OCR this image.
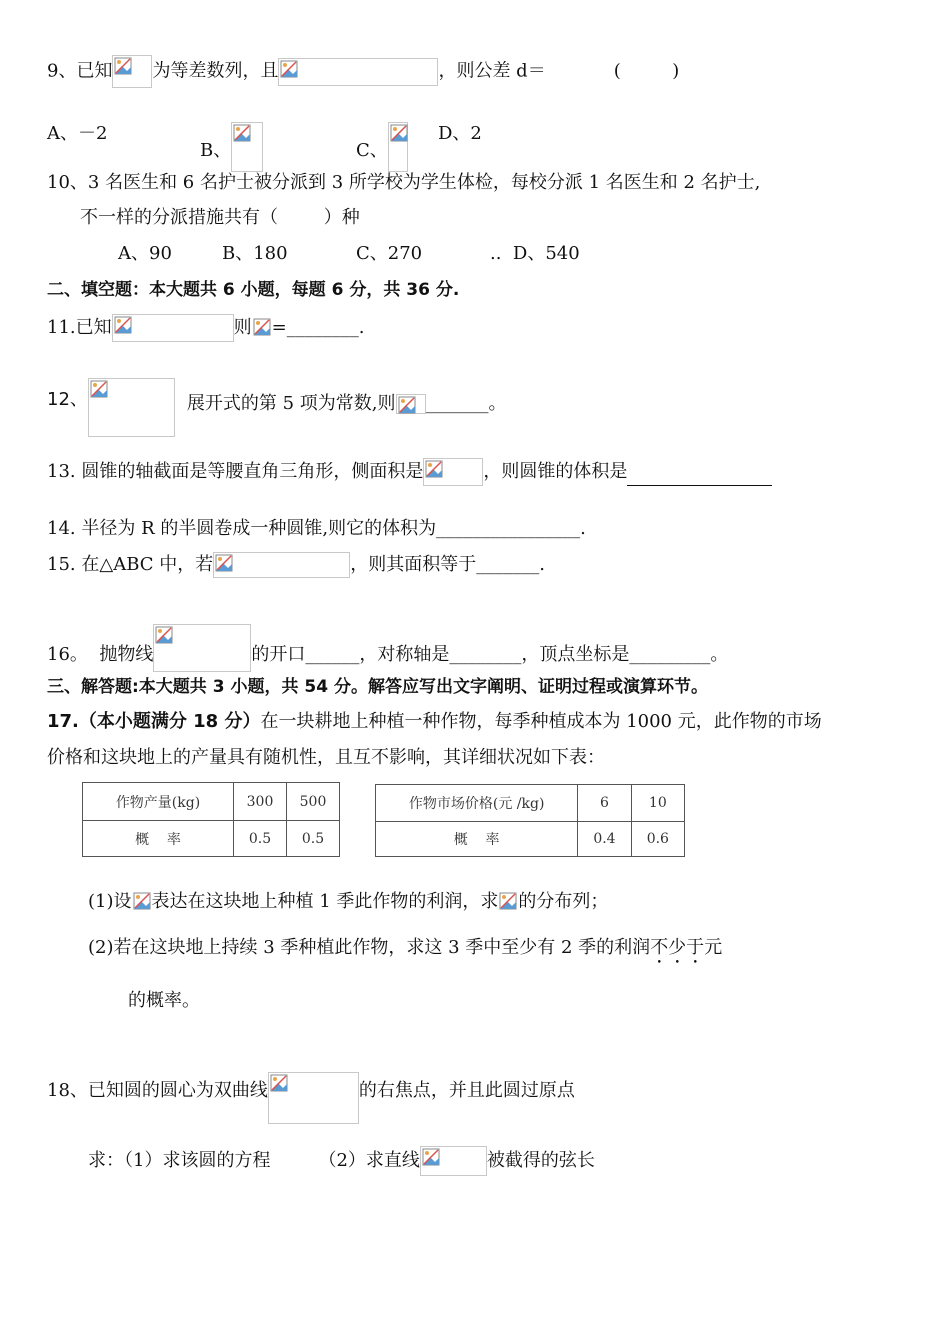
9、已知 为等差数列，且	，则公差 d＝	(         )
A、－2
B、	C、
D、2
10、3 名医生和 6 名护士被分派到 3 所学校为学生体检，每校分派 1 名医生和 2 名护士,
不一样的分派措施共有（        ）种
A、90	B、180	C、270	..  D、540
二、填空题：本大题共 6 小题，每题 6 分，共 36 分.
11.已知	则 =________.
12、	展开式的第 5 项为常数,则 _______。
13. 圆锥的轴截面是等腰直角三角形，侧面积是	，则圆锥的体积是
14. 半径为 R 的半圆卷成一种圆锥,则它的体积为________________.
15. 在△ABC 中，若	，则其面积等于_______.
16。  抛物线	的开口______，对称轴是________，顶点坐标是_________。
三、解答题:本大题共 3 小题，共 54 分。解答应写出文字阐明、证明过程或演算环节。
17.（本小题满分 18 分）在一块耕地上种植一种作物，每季种植成本为 1000 元，此作物的市场
价格和这块地上的产量具有随机性，且互不影响，其详细状况如下表：
作物产量(kg)	300	500
概    率	0.5	0.5
作物市场价格(元 /kg)	6	10
概    率	0.4	0.6
(1)设 表达在这块地上种植 1 季此作物的利润，求 的分布列；
(2)若在这块地上持续 3 季种植此作物，求这 3 季中至少有 2 季的利润不少于元
的概率。
18、已知圆的圆心为双曲线	的右焦点，并且此圆过原点
求：（1）求该圆的方程	（2）求直线	被截得的弦长
